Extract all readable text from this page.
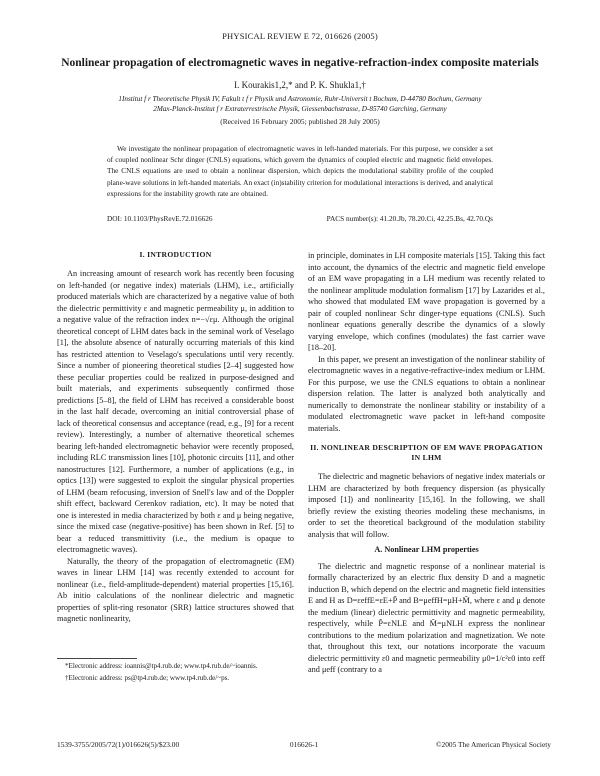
PHYSICAL REVIEW E 72, 016626 (2005)
Nonlinear propagation of electromagnetic waves in negative-refraction-index composite materials
I. Kourakis1,2,* and P. K. Shukla1,†
1Institut f r Theoretische Physik IV, Fakult t f r Physik und Astronomie, Ruhr-Universit t Bochum, D-44780 Bochum, Germany
2Max-Planck-Institut f r Extraterrestrische Physik, Giessenbachstrasse, D-85740 Garching, Germany
(Received 16 February 2005; published 28 July 2005)
We investigate the nonlinear propagation of electromagnetic waves in left-handed materials. For this purpose, we consider a set of coupled nonlinear Schr dinger (CNLS) equations, which govern the dynamics of coupled electric and magnetic field envelopes. The CNLS equations are used to obtain a nonlinear dispersion, which depicts the modulational stability profile of the coupled plane-wave solutions in left-handed materials. An exact (in)stability criterion for modulational interactions is derived, and analytical expressions for the instability growth rate are obtained.
DOI: 10.1103/PhysRevE.72.016626	PACS number(s): 41.20.Jb, 78.20.Ci, 42.25.Bs, 42.70.Qs
I. INTRODUCTION

An increasing amount of research work has recently been focusing on left-handed (or negative index) materials (LHM), i.e., artificially produced materials which are characterized by a negative value of both the dielectric permittivity ε and magnetic permeability μ, in addition to a negative value of the refraction index n=−√εμ. Although the original theoretical concept of LHM dates back in the seminal work of Veselago [1], the absolute absence of naturally occurring materials of this kind has restricted attention to Veselago's speculations until very recently. Since a number of pioneering theoretical studies [2–4] suggested how these peculiar properties could be realized in purpose-designed and built materials, and experiments subsequently confirmed those predictions [5–8], the field of LHM has received a considerable boost in the last half decade, overcoming an initial controversial phase of lack of theoretical consensus and acceptance (read, e.g., [9] for a recent review). Interestingly, a number of alternative theoretical schemes bearing left-handed electromagnetic behavior were recently proposed, including RLC transmission lines [10], photonic circuits [11], and other nanostructures [12]. Furthermore, a number of applications (e.g., in optics [13]) were suggested to exploit the singular physical properties of LHM (beam refocusing, inversion of Snell's law and of the Doppler shift effect, backward Cerenkov radiation, etc). It may be noted that one is interested in media characterized by both ε and μ being negative, since the mixed case (negative-positive) has been shown in Ref. [5] to bear a reduced transmittivity (i.e., the medium is opaque to electromagnetic waves).

Naturally, the theory of the propagation of electromagnetic (EM) waves in linear LHM [14] was recently extended to account for nonlinear (i.e., field-amplitude-dependent) material properties [15,16]. Ab initio calculations of the nonlinear dielectric and magnetic properties of split-ring resonator (SRR) lattice structures showed that magnetic nonlinearity,

in principle, dominates in LH composite materials [15]. Taking this fact into account, the dynamics of the electric and magnetic field envelope of an EM wave propagating in a LH medium was recently related to the nonlinear amplitude modulation formalism [17] by Lazarides et al., who showed that modulated EM wave propagation is governed by a pair of coupled nonlinear Schr dinger-type equations (CNLS). Such nonlinear equations generally describe the dynamics of a slowly varying envelope, which confines (modulates) the fast carrier wave [18–20].

In this paper, we present an investigation of the nonlinear stability of electromagnetic waves in a negative-refractive-index medium or LHM. For this purpose, we use the CNLS equations to obtain a nonlinear dispersion relation. The latter is analyzed both analytically and numerically to demonstrate the nonlinear stability or instability of a modulated electromagnetic wave packet in left-hand composite materials.

II. NONLINEAR DESCRIPTION OF EM WAVE PROPAGATION IN LHM

The dielectric and magnetic behaviors of negative index materials or LHM are characterized by both frequency dispersion (as physically imposed [1]) and nonlinearity [15,16]. In the following, we shall briefly review the existing theories modeling these mechanisms, in order to set the theoretical background of the modulation stability analysis that will follow.

A. Nonlinear LHM properties

The dielectric and magnetic response of a nonlinear material is formally characterized by an electric flux density D and a magnetic induction B, which depend on the electric and magnetic field intensities E and H as D=εeffE=εE+P̃ and B=μeffH=μH+M̃, where ε and μ denote the medium (linear) dielectric permittivity and magnetic permeability, respectively, while P̃=εNLE and M̃=μNLH express the nonlinear contributions to the medium polarization and magnetization. We note that, throughout this text, our notations incorporate the vacuum dielectric permittivity ε0 and magnetic permeability μ0=1/c²ε0 into εeff and μeff (contrary to a

*Electronic address: ioannis@tp4.rub.de; www.tp4.rub.de/~ioannis.

†Electronic address: ps@tp4.rub.de; www.tp4.rub.de/~ps.

1539-3755/2005/72(1)/016626(5)/$23.00	016626-1	©2005 The American Physical Society
